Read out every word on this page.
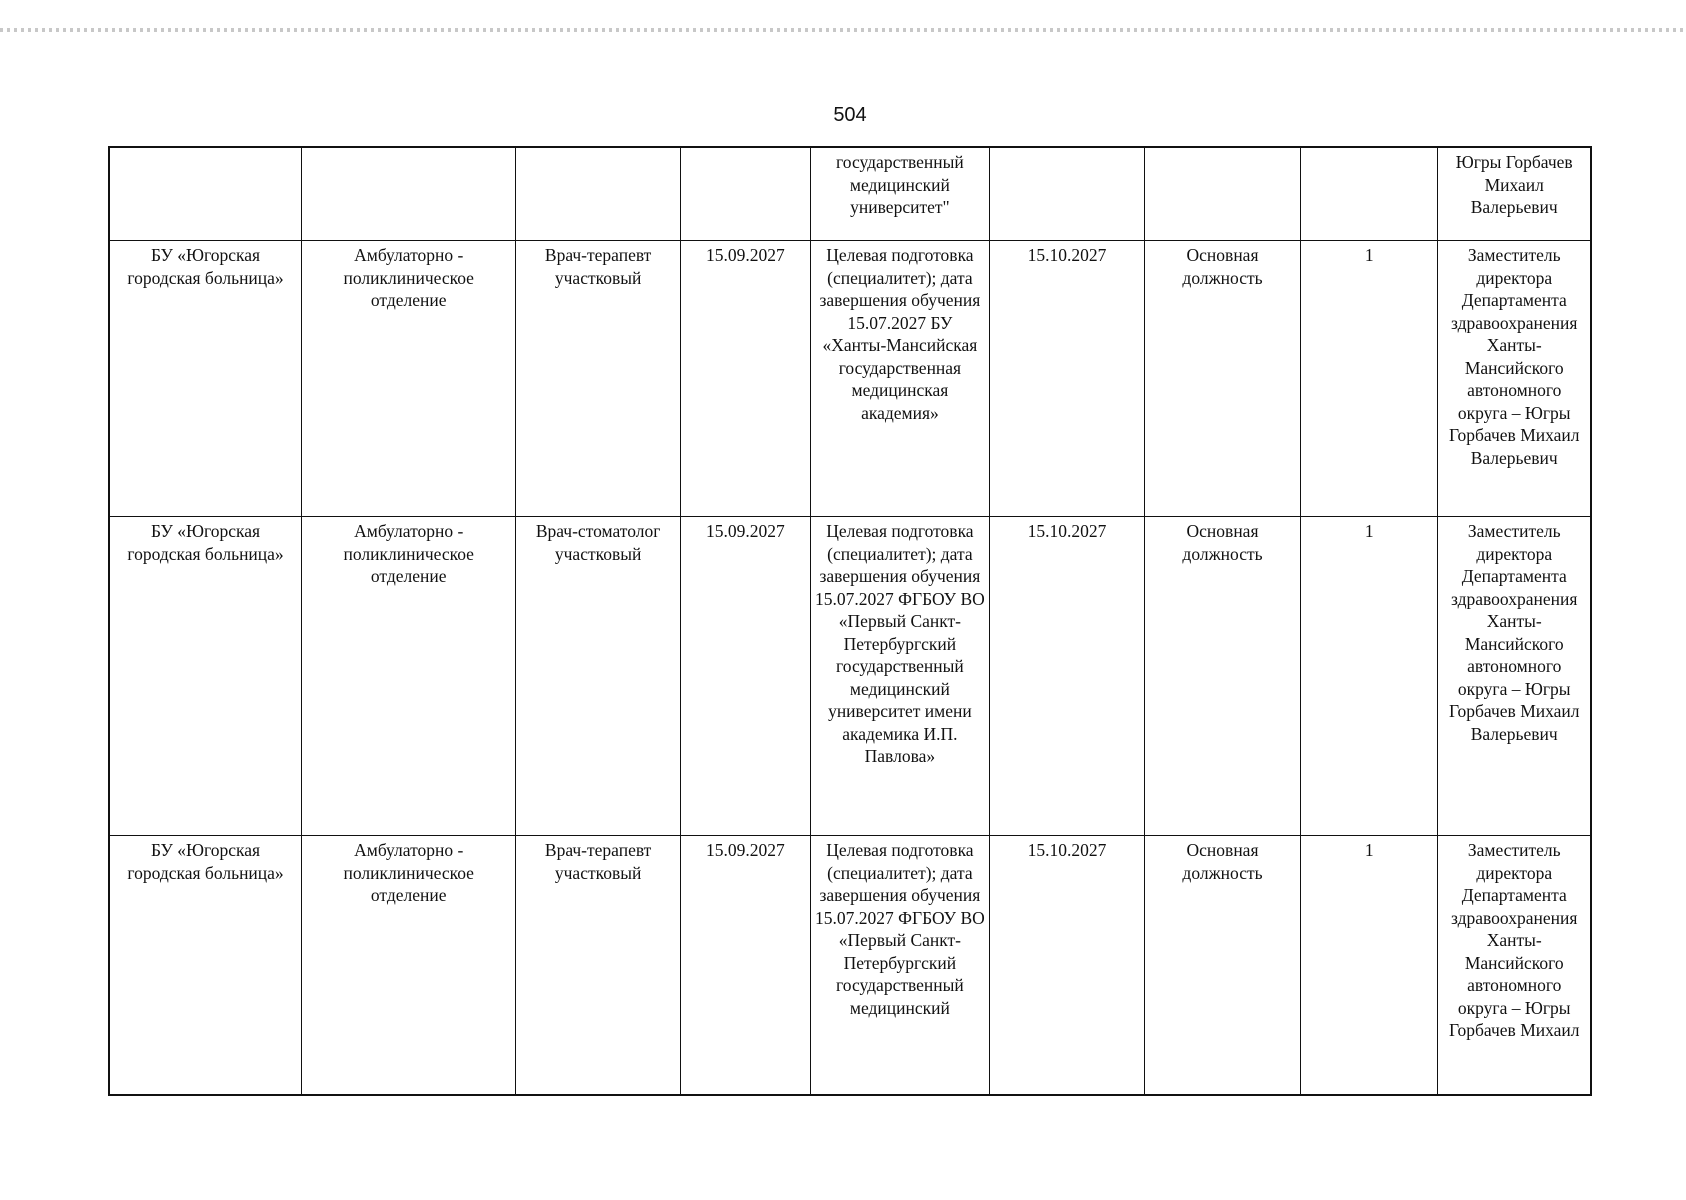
504
				государственный медицинский университет"				Югры Горбачев Михаил Валерьевич
БУ «Югорская городская больница»	Амбулаторно - поликлиническое отделение	Врач-терапевт участковый	15.09.2027	Целевая подготовка (специалитет); дата завершения обучения 15.07.2027 БУ «Ханты-Мансийская государственная медицинская академия»	15.10.2027	Основная должность	1	Заместитель директора Департамента здравоохранения Ханты-Мансийского автономного округа – Югры Горбачев Михаил Валерьевич
БУ «Югорская городская больница»	Амбулаторно - поликлиническое отделение	Врач-стоматолог участковый	15.09.2027	Целевая подготовка (специалитет); дата завершения обучения 15.07.2027 ФГБОУ ВО «Первый Санкт-Петербургский государственный медицинский университет имени академика И.П. Павлова»	15.10.2027	Основная должность	1	Заместитель директора Департамента здравоохранения Ханты-Мансийского автономного округа – Югры Горбачев Михаил Валерьевич
БУ «Югорская городская больница»	Амбулаторно - поликлиническое отделение	Врач-терапевт участковый	15.09.2027	Целевая подготовка (специалитет); дата завершения обучения 15.07.2027 ФГБОУ ВО «Первый Санкт-Петербургский государственный медицинский	15.10.2027	Основная должность	1	Заместитель директора Департамента здравоохранения Ханты-Мансийского автономного округа – Югры Горбачев Михаил
